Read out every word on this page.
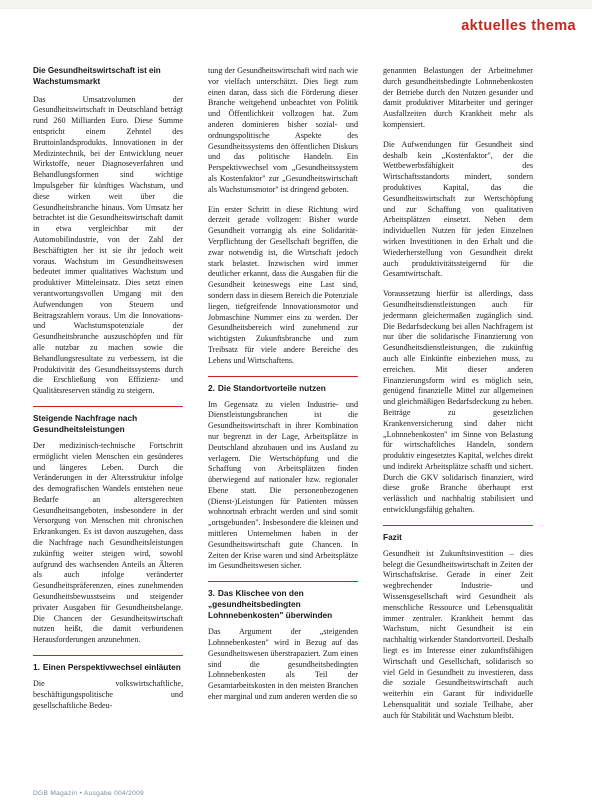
aktuelles thema
Die Gesundheitswirtschaft ist ein Wachstumsmarkt

Das Umsatzvolumen der Gesundheitswirtschaft in Deutschland beträgt rund 260 Milliarden Euro. Diese Summe entspricht einem Zehntel des Bruttoinlandsprodukts. Innovationen in der Medizintechnik, bei der Entwicklung neuer Wirkstoffe, neuer Diagnoseverfahren und Behandlungsformen sind wichtige Impulsgeber für künftiges Wachstum, und diese wirken weit über die Gesundheitsbranche hinaus. Vom Umsatz her betrachtet ist die Gesundheitswirtschaft damit in etwa vergleichbar mit der Automobilindustrie, von der Zahl der Beschäftigten her ist sie ihr jedoch weit voraus. Wachstum im Gesundheitswesen bedeutet immer qualitatives Wachstum und produktiver Mitteleinsatz. Dies setzt einen verantwortungsvollen Umgang mit den Aufwendungen von Steuern und Beitragszahlern voraus. Um die Innovations- und Wachstumspotenziale der Gesundheitsbranche auszuschöpfen und für alle nutzbar zu machen sowie die Behandlungsresultate zu verbessern, ist die Produktivität des Gesundheitssystems durch die Erschließung von Effizienz- und Qualitätsreserven ständig zu steigern.

Steigende Nachfrage nach Gesundheitsleistungen

Der medizinisch-technische Fortschritt ermöglicht vielen Menschen ein gesünderes und längeres Leben. Durch die Veränderungen in der Altersstruktur infolge des demografischen Wandels entstehen neue Bedarfe an altersgerechten Gesundheitsangeboten, insbesondere in der Versorgung von Menschen mit chronischen Erkrankungen. Es ist davon auszugehen, dass die Nachfrage nach Gesundheitsleistungen zukünftig weiter steigen wird, sowohl aufgrund des wachsenden Anteils an Älteren als auch infolge veränderter Gesundheitspräferenzen, eines zunehmenden Gesundheitsbewusstseins und steigender privater Ausgaben für Gesundheitsbelange. Die Chancen der Gesundheitswirtschaft nutzen heißt, die damit verbundenen Herausforderungen anzunehmen.

1. Einen Perspektivwechsel einläuten

Die volkswirtschaftliche, beschäftigungspolitische und gesellschaftliche Bedeu-

tung der Gesundheitswirtschaft wird nach wie vor vielfach unterschätzt. Dies liegt zum einen daran, dass sich die Förderung dieser Branche weitgehend unbeachtet von Politik und Öffentlichkeit vollzogen hat. Zum anderen dominieren bisher sozial- und ordnungspolitische Aspekte des Gesundheitssystems den öffentlichen Diskurs und das politische Handeln. Ein Perspektivwechsel vom „Gesundheitssystem als Kostenfaktor" zur „Gesundheitswirtschaft als Wachstumsmotor" ist dringend geboten.

Ein erster Schritt in diese Richtung wird derzeit gerade vollzogen: Bisher wurde Gesundheit vorrangig als eine Solidarität-Verpflichtung der Gesellschaft begriffen, die zwar notwendig ist, die Wirtschaft jedoch stark belastet. Inzwischen wird immer deutlicher erkannt, dass die Ausgaben für die Gesundheit keineswegs eine Last sind, sondern dass in diesem Bereich die Potenziale liegen, tiefgreifende Innovationsmotor und Jobmaschine Nummer eins zu werden. Der Gesundheitsbereich wird zunehmend zur wichtigsten Zukunftsbranche und zum Treibsatz für viele andere Bereiche des Lebens und Wirtschaftens.

2. Die Standortvorteile nutzen

Im Gegensatz zu vielen Industrie- und Dienstleistungsbranchen ist die Gesundheitswirtschaft in ihrer Kombination nur begrenzt in der Lage, Arbeitsplätze in Deutschland abzubauen und ins Ausland zu verlagern. Die Wertschöpfung und die Schaffung von Arbeitsplätzen finden überwiegend auf nationaler bzw. regionaler Ebene statt. Die personenbezogenen (Dienst-)Leistungen für Patienten müssen wohnortnah erbracht werden und sind somit „ortsgebunden". Insbesondere die kleinen und mittleren Unternehmen haben in der Gesundheitswirtschaft gute Chancen. In Zeiten der Krise waren und sind Arbeitsplätze im Gesundheitswesen sicher.

3. Das Klischee von den „gesundheitsbedingten Lohnnebenkosten" überwinden

Das Argument der „steigenden Lohnnebenkosten" wird in Bezug auf das Gesundheitswesen überstrapaziert. Zum einen sind die gesundheitsbedingten Lohnnebenkosten als Teil der Gesamtarbeitskosten in den meisten Branchen eher marginal und zum anderen werden die so

genannten Belastungen der Arbeitnehmer durch gesundheitsbedingte Lohnnebenkosten der Betriebe durch den Nutzen gesunder und damit produktiver Mitarbeiter und geringer Ausfallzeiten durch Krankheit mehr als kompensiert.

Die Aufwendungen für Gesundheit sind deshalb kein „Kostenfaktor", der die Wettbewerbsfähigkeit des Wirtschaftsstandorts mindert, sondern produktives Kapital, das die Gesundheitswirtschaft zur Wertschöpfung und zur Schaffung von qualitativen Arbeitsplätzen einsetzt. Neben dem individuellen Nutzen für jeden Einzelnen wirken Investitionen in den Erhalt und die Wiederherstellung von Gesundheit direkt auch produktivitätssteigernd für die Gesamtwirtschaft.

Voraussetzung hierfür ist allerdings, dass Gesundheitsdienstleistungen auch für jedermann gleichermaßen zugänglich sind. Die Bedarfsdeckung bei allen Nachfragern ist nur über die solidarische Finanzierung von Gesundheitsdienstleistungen, die zukünftig auch alle Einkünfte einbeziehen muss, zu erreichen. Mit dieser anderen Finanzierungsform wird es möglich sein, genügend finanzielle Mittel zur allgemeinen und gleichmäßigen Bedarfsdeckung zu heben. Beiträge zu gesetzlichen Krankenversicherung sind daher nicht „Lohnnebenkosten" im Sinne von Belastung für wirtschaftliches Handeln, sondern produktiv eingesetztes Kapital, welches direkt und indirekt Arbeitsplätze schafft und sichert. Durch die GKV solidarisch finanziert, wird diese große Branche überhaupt erst verlässlich und nachhaltig stabilisiert und entwicklungsfähig gehalten.

Fazit

Gesundheit ist Zukunftsinvestition – dies belegt die Gesundheitswirtschaft in Zeiten der Wirtschaftskrise. Gerade in einer Zeit wegbrechender Industrie- und Wissensgesellschaft wird Gesundheit als menschliche Ressource und Lebensqualität immer zentraler. Krankheit hemmt das Wachstum, nicht Gesundheit ist ein nachhaltig wirkender Standortvorteil. Deshalb liegt es im Interesse einer zukunftsfähigen Wirtschaft und Gesellschaft, solidarisch so viel Geld in Gesundheit zu investieren, dass die soziale Gesundheitswirtschaft auch weiterhin ein Garant für individuelle Lebensqualität und soziale Teilhabe, aber auch für Stabilität und Wachstum bleibt.

DGB Magazin • Ausgabe 004/2009
